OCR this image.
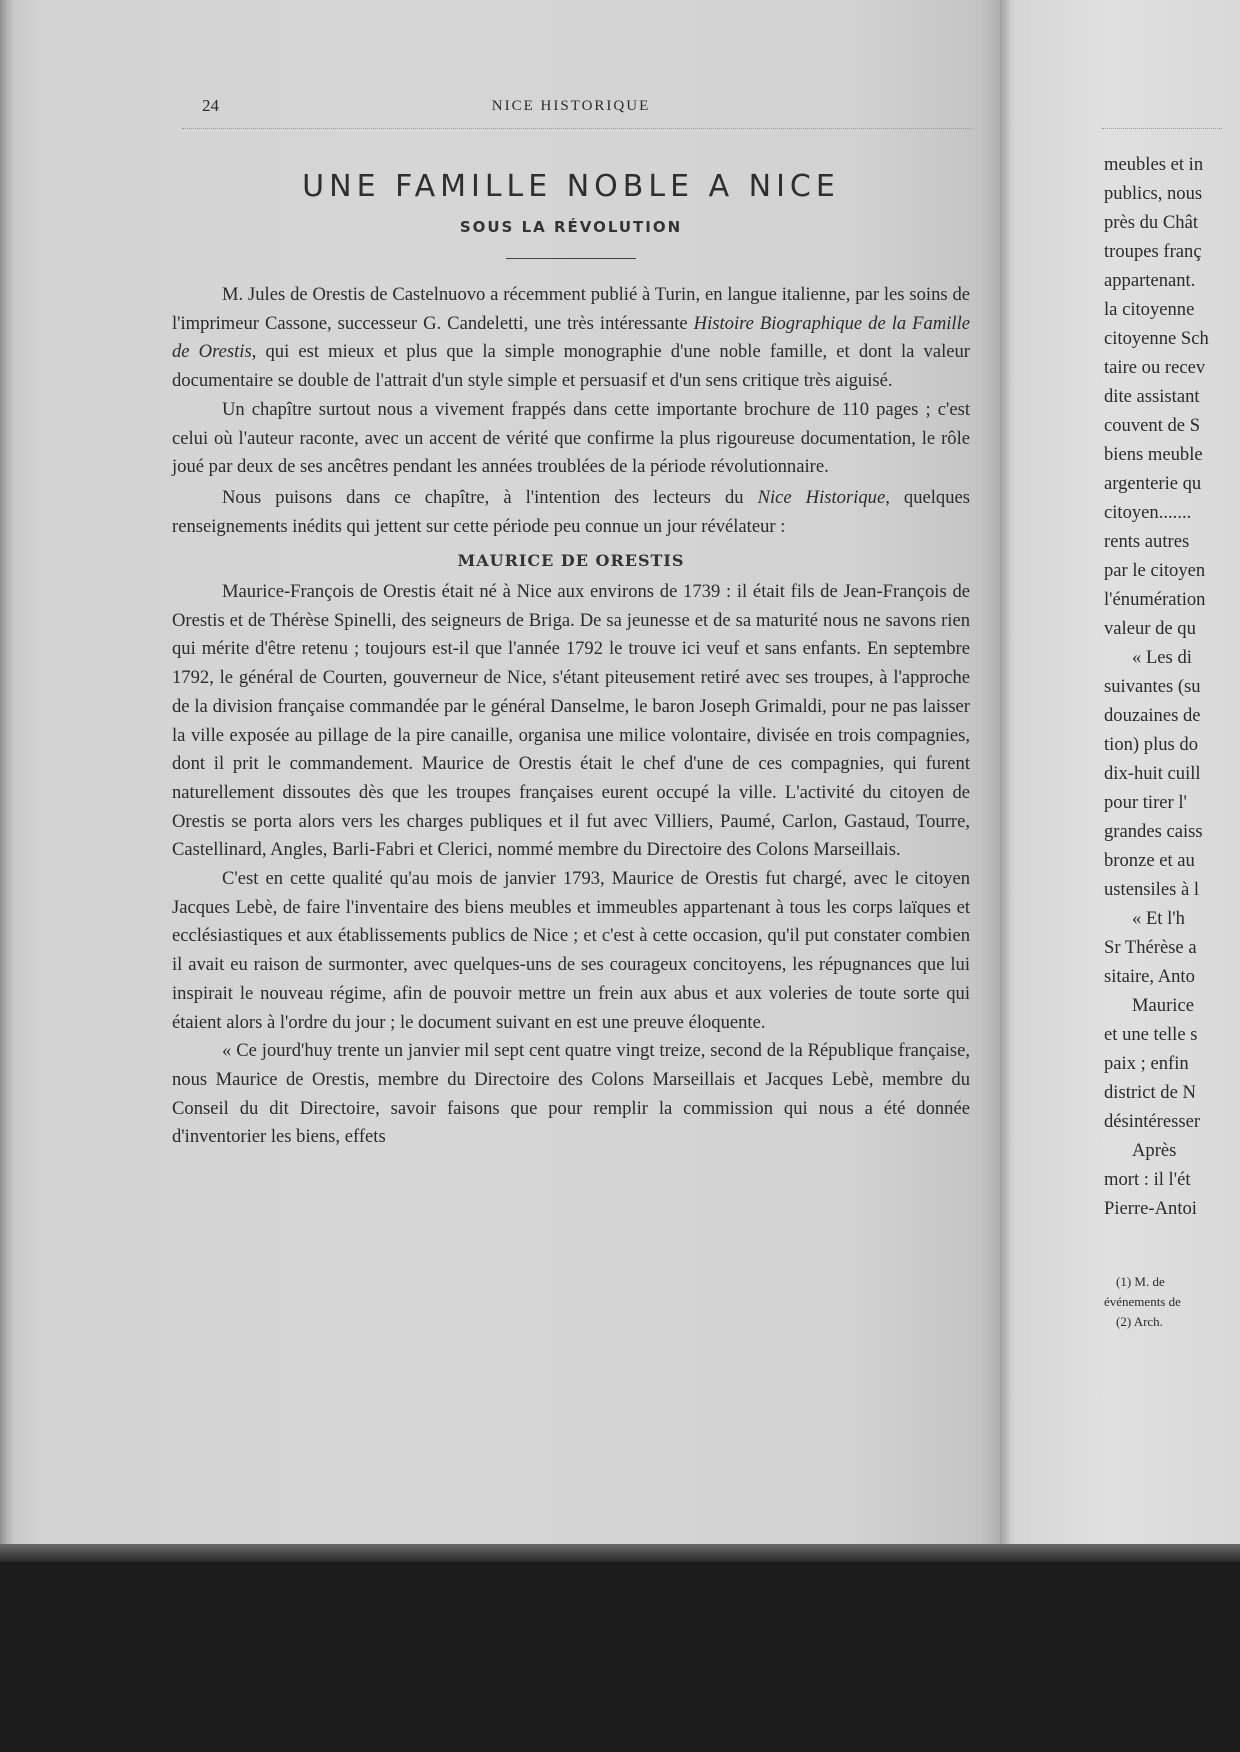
24	NICE HISTORIQUE
UNE FAMILLE NOBLE A NICE
SOUS LA RÉVOLUTION

M. Jules de Orestis de Castelnuovo a récemment publié à Turin, en langue italienne, par les soins de l'imprimeur Cassone, successeur G. Candeletti, une très intéressante Histoire Biographique de la Famille de Orestis, qui est mieux et plus que la simple monographie d'une noble famille, et dont la valeur documentaire se double de l'attrait d'un style simple et persuasif et d'un sens critique très aiguisé.

Un chapître surtout nous a vivement frappés dans cette importante brochure de 110 pages ; c'est celui où l'auteur raconte, avec un accent de vérité que confirme la plus rigoureuse documentation, le rôle joué par deux de ses ancêtres pendant les années troublées de la période révolutionnaire.

Nous puisons dans ce chapître, à l'intention des lecteurs du Nice Historique, quelques renseignements inédits qui jettent sur cette période peu connue un jour révélateur :

MAURICE DE ORESTIS

Maurice-François de Orestis était né à Nice aux environs de 1739 : il était fils de Jean-François de Orestis et de Thérèse Spinelli, des seigneurs de Briga. De sa jeunesse et de sa maturité nous ne savons rien qui mérite d'être retenu ; toujours est-il que l'année 1792 le trouve ici veuf et sans enfants. En septembre 1792, le général de Courten, gouverneur de Nice, s'étant piteusement retiré avec ses troupes, à l'approche de la division française commandée par le général Danselme, le baron Joseph Grimaldi, pour ne pas laisser la ville exposée au pillage de la pire canaille, organisa une milice volontaire, divisée en trois compagnies, dont il prit le commandement. Maurice de Orestis était le chef d'une de ces compagnies, qui furent naturellement dissoutes dès que les troupes françaises eurent occupé la ville. L'activité du citoyen de Orestis se porta alors vers les charges publiques et il fut avec Villiers, Paumé, Carlon, Gastaud, Tourre, Castellinard, Angles, Barli-Fabri et Clerici, nommé membre du Directoire des Colons Marseillais.

C'est en cette qualité qu'au mois de janvier 1793, Maurice de Orestis fut chargé, avec le citoyen Jacques Lebè, de faire l'inventaire des biens meubles et immeubles appartenant à tous les corps laïques et ecclésiastiques et aux établissements publics de Nice ; et c'est à cette occasion, qu'il put constater combien il avait eu raison de surmonter, avec quelques-uns de ses courageux concitoyens, les répugnances que lui inspirait le nouveau régime, afin de pouvoir mettre un frein aux abus et aux voleries de toute sorte qui étaient alors à l'ordre du jour ; le document suivant en est une preuve éloquente.

« Ce jourd'huy trente un janvier mil sept cent quatre vingt treize, second de la République française, nous Maurice de Orestis, membre du Directoire des Colons Marseillais et Jacques Lebè, membre du Conseil du dit Directoire, savoir faisons que pour remplir la commission qui nous a été donnée d'inventorier les biens, effets

meubles et in
publics, nous
près du Chât
troupes franç
appartenant.
la citoyenne
citoyenne Sch
taire ou recev
dite assistant
couvent de S
biens meuble
argenterie qu
citoyen.......
rents autres
par le citoyen
l'énumération
valeur de qu
« Les di
suivantes (su
douzaines de
tion) plus do
dix-huit cuill
pour tirer l'
grandes caiss
bronze et au
ustensiles à l
« Et l'h
Sr Thérèse a
sitaire, Anto
Maurice
et une telle s
paix ; enfin
district de N
désintéresser
Après
mort : il l'ét
Pierre-Antoi
(1) M. de
événements de
(2) Arch.
